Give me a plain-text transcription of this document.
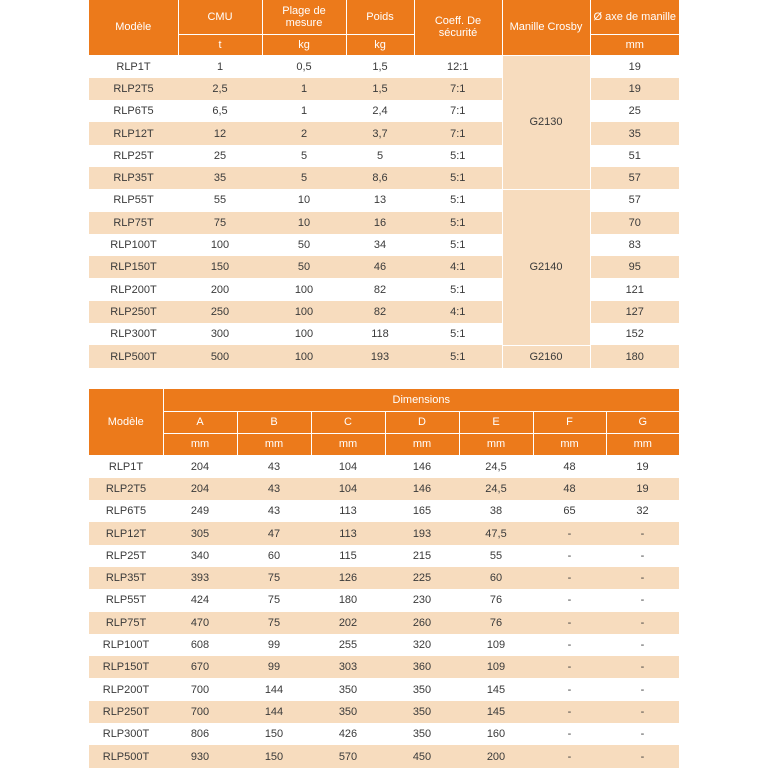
Modèle	CMU	Plage de mesure	Poids	Coeff. De sécurité	Manille Crosby	Ø axe de manille
	t	kg	kg			mm
RLP1T	1	0,5	1,5	12:1	G2130	19
RLP2T5	2,5	1	1,5	7:1		19
RLP6T5	6,5	1	2,4	7:1		25
RLP12T	12	2	3,7	7:1		35
RLP25T	25	5	5	5:1		51
RLP35T	35	5	8,6	5:1		57
RLP55T	55	10	13	5:1	G2140	57
RLP75T	75	10	16	5:1		70
RLP100T	100	50	34	5:1		83
RLP150T	150	50	46	4:1		95
RLP200T	200	100	82	5:1		121
RLP250T	250	100	82	4:1		127
RLP300T	300	100	118	5:1		152
RLP500T	500	100	193	5:1	G2160	180
Modèle	Dimensions						
	A	B	C	D	E	F	G
	mm	mm	mm	mm	mm	mm	mm
RLP1T	204	43	104	146	24,5	48	19
RLP2T5	204	43	104	146	24,5	48	19
RLP6T5	249	43	113	165	38	65	32
RLP12T	305	47	113	193	47,5	-	-
RLP25T	340	60	115	215	55	-	-
RLP35T	393	75	126	225	60	-	-
RLP55T	424	75	180	230	76	-	-
RLP75T	470	75	202	260	76	-	-
RLP100T	608	99	255	320	109	-	-
RLP150T	670	99	303	360	109	-	-
RLP200T	700	144	350	350	145	-	-
RLP250T	700	144	350	350	145	-	-
RLP300T	806	150	426	350	160	-	-
RLP500T	930	150	570	450	200	-	-
